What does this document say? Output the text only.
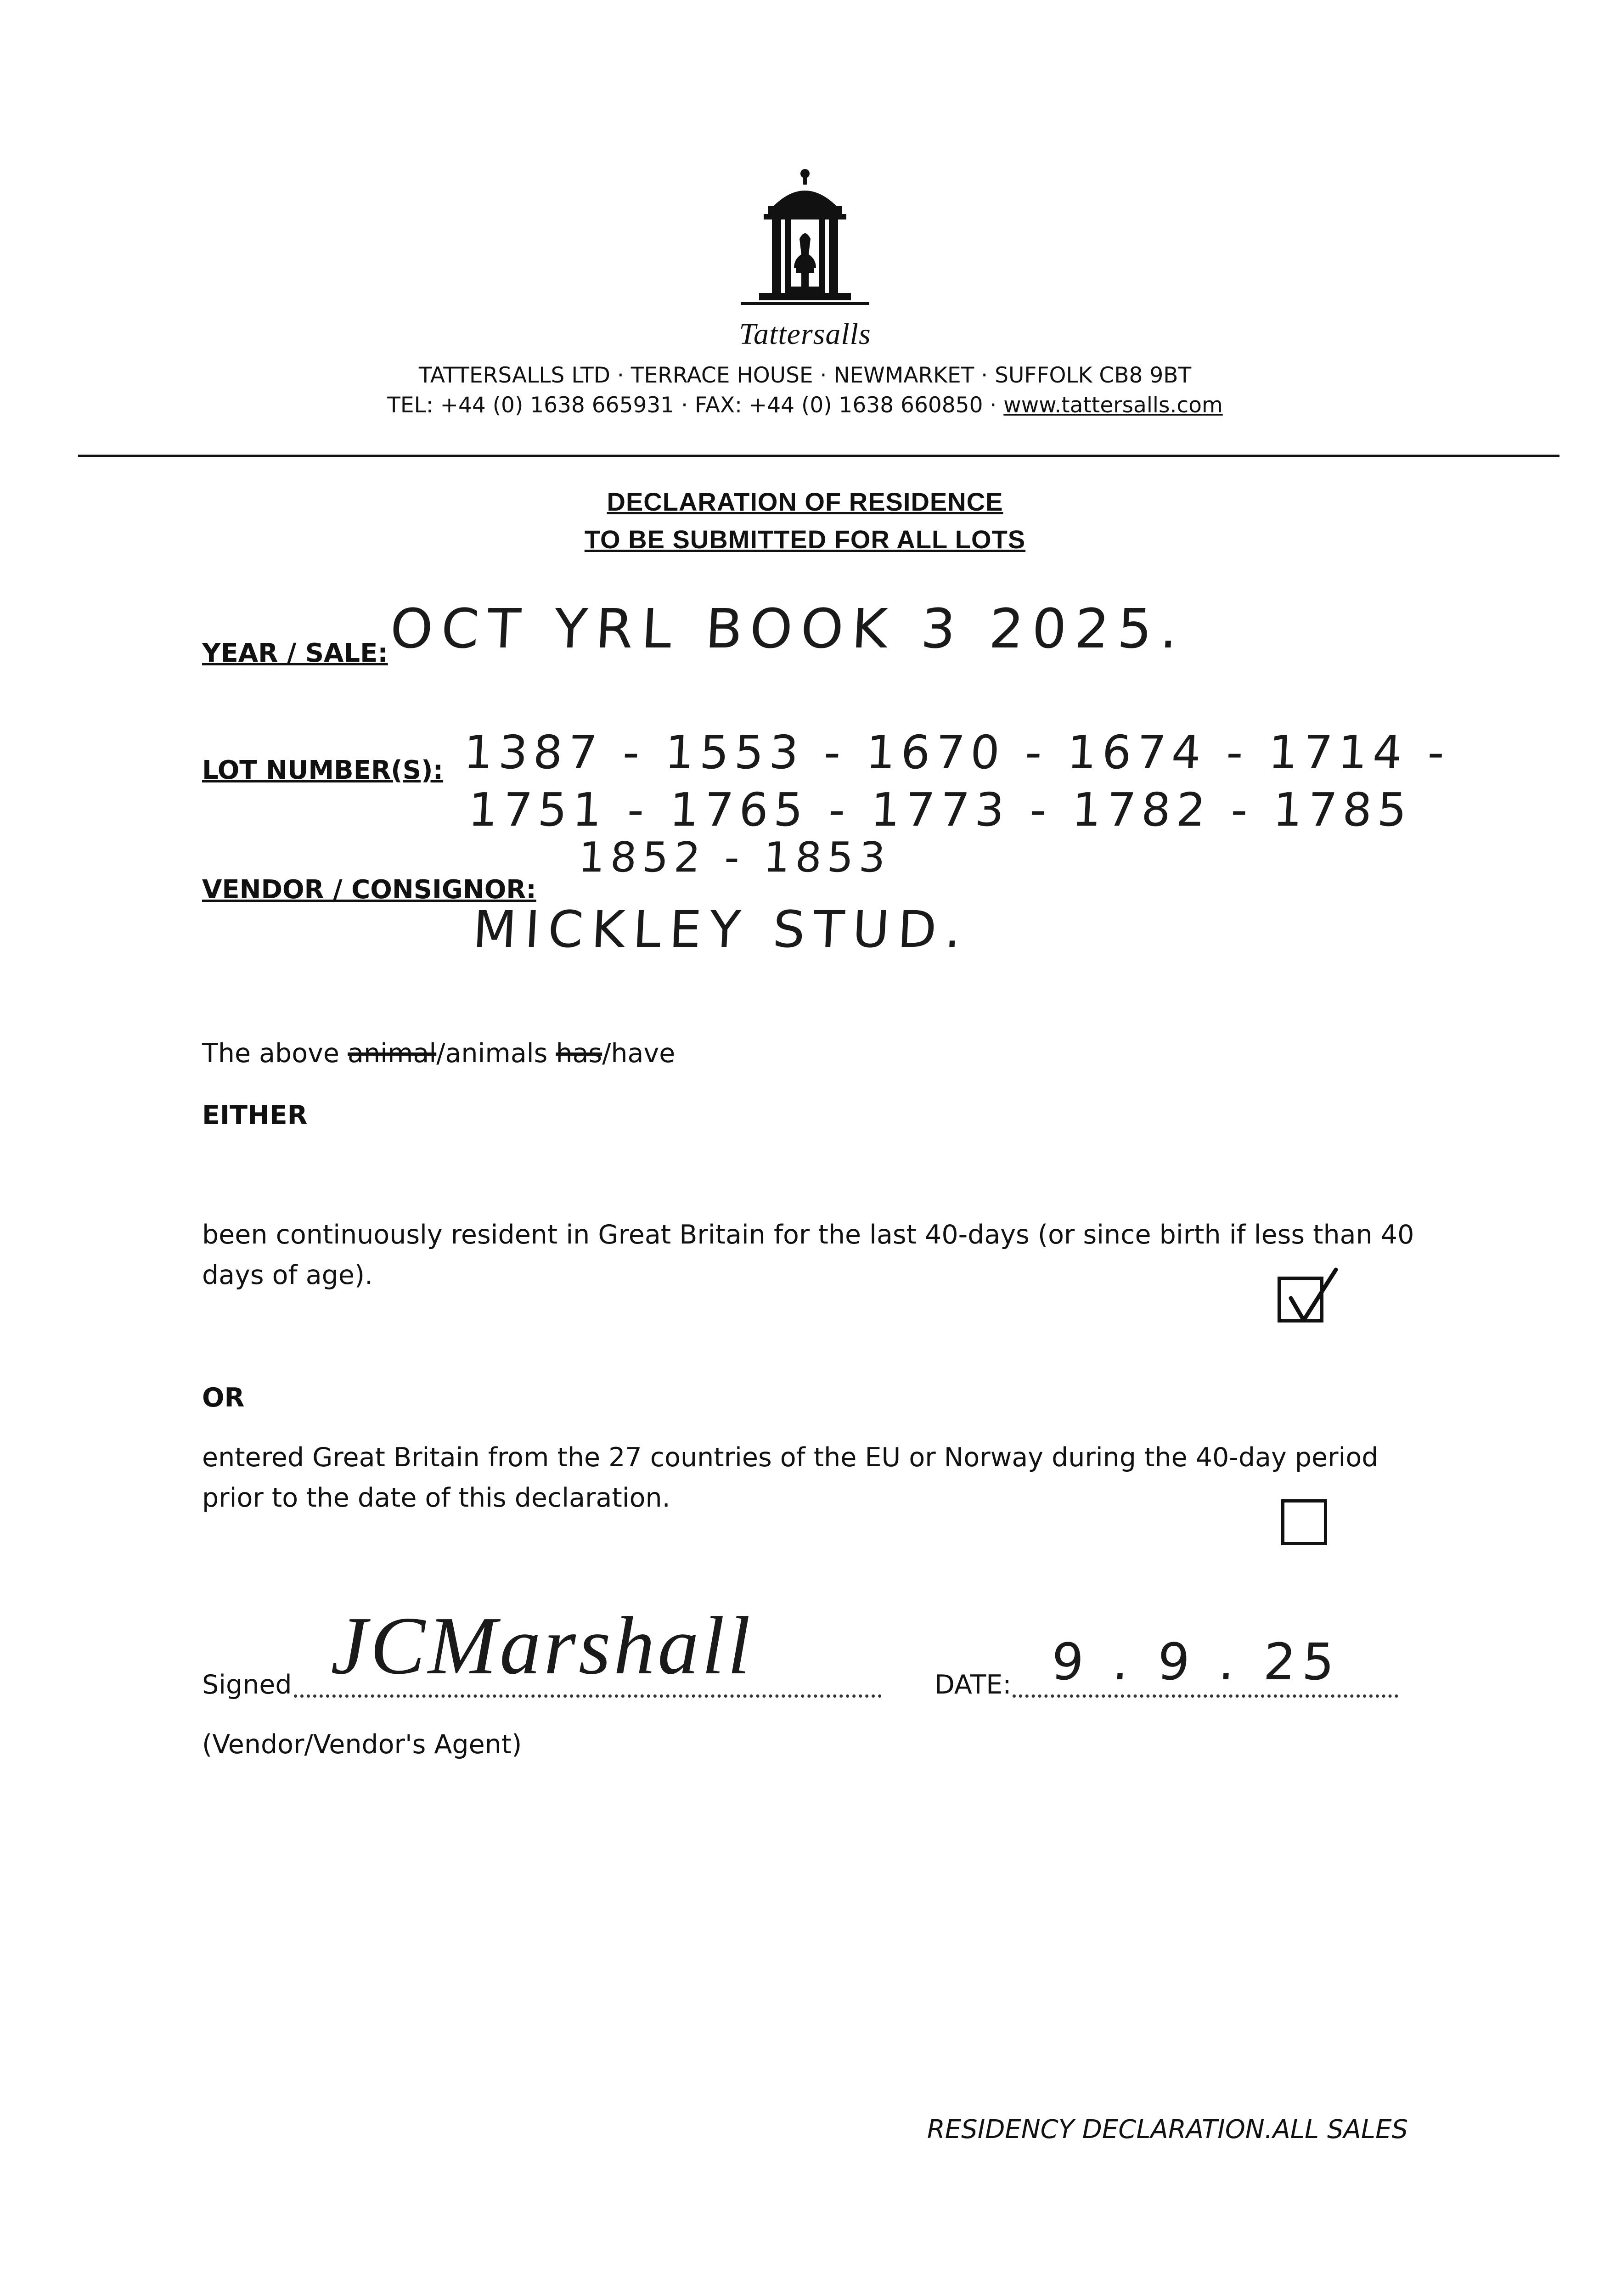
Tattersalls
TATTERSALLS LTD · TERRACE HOUSE · NEWMARKET · SUFFOLK CB8 9BT
TEL: +44 (0) 1638 665931 · FAX: +44 (0) 1638 660850 · www.tattersalls.com
DECLARATION OF RESIDENCE
TO BE SUBMITTED FOR ALL LOTS
YEAR / SALE: OCT YRL BOOK 3 2025.
LOT NUMBER(S): 1387 - 1553 - 1670 - 1674 - 1714 -
1751 - 1765 - 1773 - 1782 - 1785
1852 - 1853
VENDOR / CONSIGNOR:
MICKLEY STUD.
The above animal/animals has/have
EITHER
been continuously resident in Great Britain for the last 40-days (or since birth if less than 40
days of age).
OR
entered Great Britain from the 27 countries of the EU or Norway during the 40-day period
prior to the date of this declaration.
Signed JCMarshall	DATE: 9 . 9 . 25
(Vendor/Vendor's Agent)
RESIDENCY DECLARATION.ALL SALES
